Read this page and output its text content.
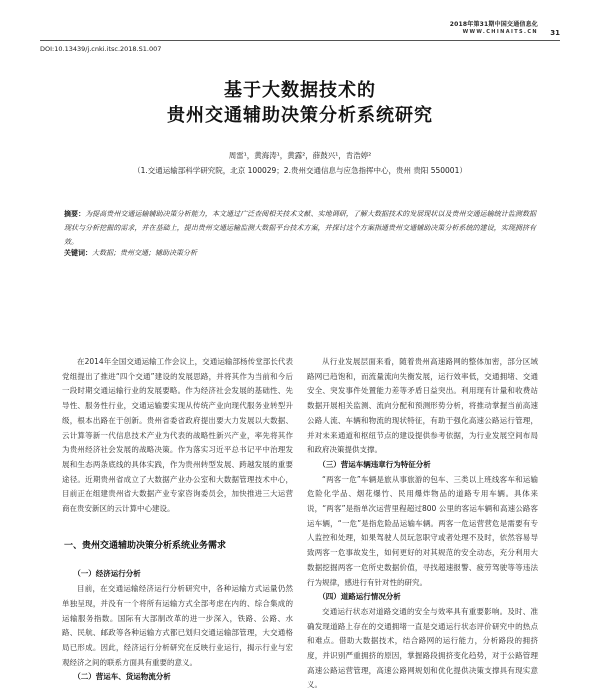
2018年第31期中国交通信息化
WWW.CHINAITS.CN 31
DOI:10.13439/j.cnki.itsc.2018.S1.007
基于大数据技术的
贵州交通辅助决策分析系统研究
周雷¹，黄海涛¹，黄露²，薛鼓兴¹，肯浩婷²
（1.交通运输部科学研究院，北京 100029；2.贵州交通信息与应急指挥中心，贵州 贵阳 550001）
摘要：为提高贵州交通运输辅助决策分析能力，本文通过广泛查阅相关技术文献、实地调研，了解大数据技术的发展现状以及贵州交通运输统计监测数据现状与分析挖掘的需求，并在基础上，提出贵州交通运输监测大数据平台技术方案，并探讨这个方案指通贵州交通辅助决策分析系统的建设，实现拥挤有效。
关键词：大数据；贵州交通；辅助决策分析

在2014年全国交通运输工作会议上，交通运输部杨传堂部长代表党组提出了推进“四个交通”建设的发展思路，并将其作为当前和今后一段时期交通运输行业的发展要略。作为经济社会发展的基础性、先导性、服务性行业，交通运输要实现从传统产业向现代服务业转型升级，根本出路在于创新。贵州省委省政府提出要大力发展以大数据、云计算等新一代信息技术产业为代表的战略性新兴产业，率先将其作为贵州经济社会发展的战略决策。作为落实习近平总书记平中治理发展和生态两条底线的具体实践，作为贵州转型发展、跨越发展的重要途径。近期贵州省成立了大数据产业办公室和大数据管理技术中心，目前正在组建贵州省大数据产业专家咨询委员会，加快推进三大运营商在贵安新区的云计算中心建设。

一、贵州交通辅助决策分析系统业务需求
（一）经济运行分析

目前，在交通运输经济运行分析研究中，各种运输方式运量仍然单独呈现，并没有一个将所有运输方式全部考虑在内的、综合集成的运输服务指数。国际有大部制改革的进一步深入，铁路、公路、水路、民航、邮政等各种运输方式都已划归交通运输部管理，大交通格局已形成。因此，经济运行分析研究在反映行业运行，揭示行业与宏观经济之间的联系方面具有重要的意义。

（二）营运车、货运物流分析

从行业发展层面来看，随着贵州高速路网的整体加密，部分区域路网已趋饱和，而流量流向失衡发展，运行效率低，交通拥堵、交通安全、突发事件处置能力差等矛盾日益突出。利用现有计量和收费站数据开展相关监测、流向分配和预测形势分析，将推动掌握当前高速公路人流、车辆和物流的现状特征，有助于强化高速公路运行管理，并对未来通道和枢纽节点的建设提供参考依据，为行业发展空间布局和政府决策提供支撑。

（三）营运车辆违章行为特征分析

“两客一危”车辆是旅从事旅游的包车、三类以上班线客车和运输危险化学品、烟花爆竹、民用爆炸物品的道路专用车辆。具体来说，“两客”是指单次运营里程超过800 公里的客运车辆和高速公路客运车辆，“一危”是指危险品运输车辆。两客一危运营营危是需要有专人监控和处理，如果驾驶人员玩忽职守或者处理不及时，依然容易导致两客一危事故发生，如何更好的对其规范的安全动态，充分利用大数据挖掘两客一危所史数据价值，寻找超速报警、疲劳驾驶等等违法行为规律，感进行有针对性的研究。

（四）道路运行情况分析

交通运行状态对道路交通的安全与效率具有重要影响。及时、准确发现道路上存在的交通拥堵一直是交通运行状态评价研究中的热点和难点。借助大数据技术，结合路网的运行能力，分析路段的拥挤度，并识别严重拥挤的原因，掌握路段拥挤变化趋势，对于公路管理高速公路运营管理，高速公路网规划和优化提供决策支撑具有现实意义。
